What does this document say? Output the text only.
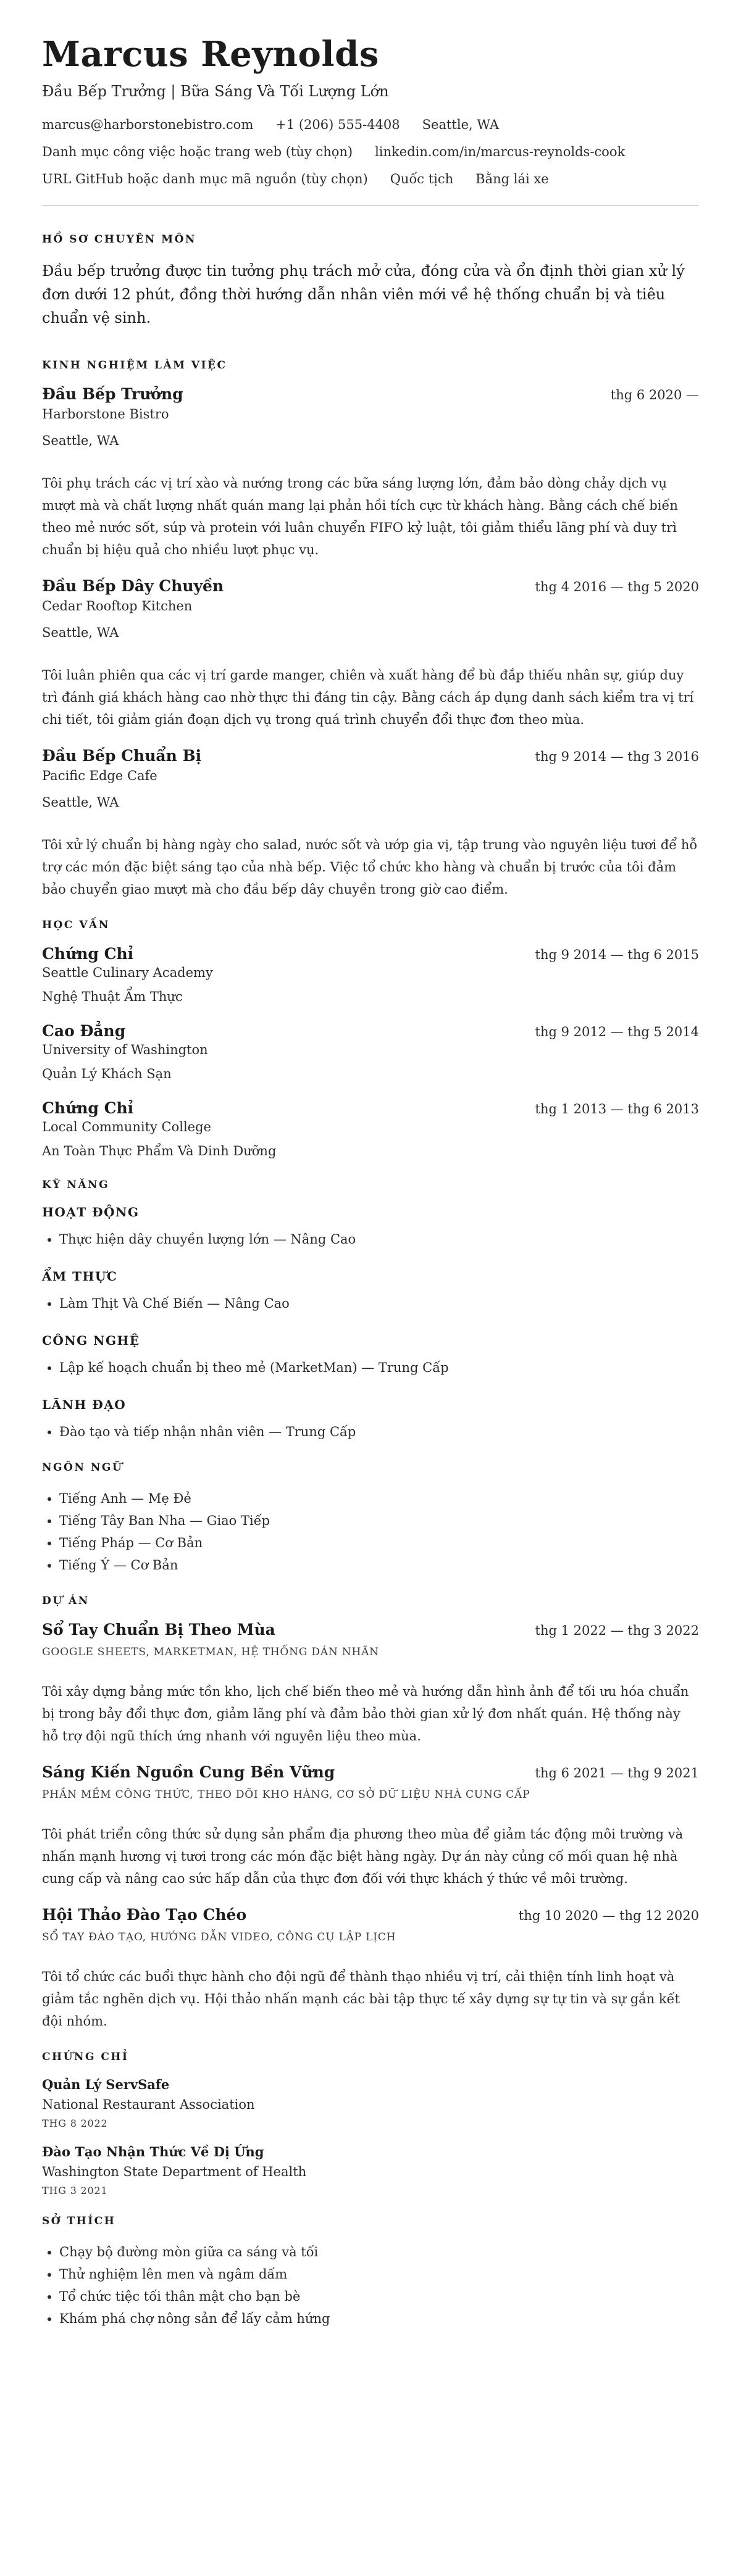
Marcus Reynolds
Đầu Bếp Trưởng | Bữa Sáng Và Tối Lượng Lớn
marcus@harborstonebistro.com +1 (206) 555-4408 Seattle, WA
Danh mục công việc hoặc trang web (tùy chọn) linkedin.com/in/marcus-reynolds-cook
URL GitHub hoặc danh mục mã nguồn (tùy chọn) Quốc tịch Bằng lái xe
HỒ SƠ CHUYÊN MÔN

Đầu bếp trưởng được tin tưởng phụ trách mở cửa, đóng cửa và ổn định thời gian xử lý đơn dưới 12 phút, đồng thời hướng dẫn nhân viên mới về hệ thống chuẩn bị và tiêu chuẩn vệ sinh.

KINH NGHIỆM LÀM VIỆC
Đầu Bếp Trưởng	thg 6 2020 —
Harborstone Bistro
Seattle, WA
Tôi phụ trách các vị trí xào và nướng trong các bữa sáng lượng lớn, đảm bảo dòng chảy dịch vụ mượt mà và chất lượng nhất quán mang lại phản hồi tích cực từ khách hàng. Bằng cách chế biến theo mẻ nước sốt, súp và protein với luân chuyển FIFO kỷ luật, tôi giảm thiểu lãng phí và duy trì chuẩn bị hiệu quả cho nhiều lượt phục vụ.
Đầu Bếp Dây Chuyền	thg 4 2016 — thg 5 2020
Cedar Rooftop Kitchen
Seattle, WA
Tôi luân phiên qua các vị trí garde manger, chiên và xuất hàng để bù đắp thiếu nhân sự, giúp duy trì đánh giá khách hàng cao nhờ thực thi đáng tin cậy. Bằng cách áp dụng danh sách kiểm tra vị trí chi tiết, tôi giảm gián đoạn dịch vụ trong quá trình chuyển đổi thực đơn theo mùa.
Đầu Bếp Chuẩn Bị	thg 9 2014 — thg 3 2016
Pacific Edge Cafe
Seattle, WA
Tôi xử lý chuẩn bị hàng ngày cho salad, nước sốt và ướp gia vị, tập trung vào nguyên liệu tươi để hỗ trợ các món đặc biệt sáng tạo của nhà bếp. Việc tổ chức kho hàng và chuẩn bị trước của tôi đảm bảo chuyển giao mượt mà cho đầu bếp dây chuyền trong giờ cao điểm.
HỌC VẤN
Chứng Chỉ	thg 9 2014 — thg 6 2015
Seattle Culinary Academy
Nghệ Thuật Ẩm Thực
Cao Đẳng	thg 9 2012 — thg 5 2014
University of Washington
Quản Lý Khách Sạn
Chứng Chỉ	thg 1 2013 — thg 6 2013
Local Community College
An Toàn Thực Phẩm Và Dinh Dưỡng
KỸ NĂNG
HOẠT ĐỘNG
• Thực hiện dây chuyền lượng lớn — Nâng Cao
ẨM THỰC
• Làm Thịt Và Chế Biến — Nâng Cao
CÔNG NGHỆ
• Lập kế hoạch chuẩn bị theo mẻ (MarketMan) — Trung Cấp
LÃNH ĐẠO
• Đào tạo và tiếp nhận nhân viên — Trung Cấp
NGÔN NGỮ
• Tiếng Anh — Mẹ Đẻ
• Tiếng Tây Ban Nha — Giao Tiếp
• Tiếng Pháp — Cơ Bản
• Tiếng Ý — Cơ Bản
DỰ ÁN
Sổ Tay Chuẩn Bị Theo Mùa	thg 1 2022 — thg 3 2022
GOOGLE SHEETS, MARKETMAN, HỆ THỐNG DÁN NHÃN
Tôi xây dựng bảng mức tồn kho, lịch chế biến theo mẻ và hướng dẫn hình ảnh để tối ưu hóa chuẩn bị trong bảy đổi thực đơn, giảm lãng phí và đảm bảo thời gian xử lý đơn nhất quán. Hệ thống này hỗ trợ đội ngũ thích ứng nhanh với nguyên liệu theo mùa.
Sáng Kiến Nguồn Cung Bền Vững	thg 6 2021 — thg 9 2021
PHẦN MỀM CÔNG THỨC, THEO DÕI KHO HÀNG, CƠ SỞ DỮ LIỆU NHÀ CUNG CẤP
Tôi phát triển công thức sử dụng sản phẩm địa phương theo mùa để giảm tác động môi trường và nhấn mạnh hương vị tươi trong các món đặc biệt hàng ngày. Dự án này củng cố mối quan hệ nhà cung cấp và nâng cao sức hấp dẫn của thực đơn đối với thực khách ý thức về môi trường.
Hội Thảo Đào Tạo Chéo	thg 10 2020 — thg 12 2020
SỔ TAY ĐÀO TẠO, HƯỚNG DẪN VIDEO, CÔNG CỤ LẬP LỊCH
Tôi tổ chức các buổi thực hành cho đội ngũ để thành thạo nhiều vị trí, cải thiện tính linh hoạt và giảm tắc nghẽn dịch vụ. Hội thảo nhấn mạnh các bài tập thực tế xây dựng sự tự tin và sự gắn kết đội nhóm.
CHỨNG CHỈ
Quản Lý ServSafe
National Restaurant Association
THG 8 2022
Đào Tạo Nhận Thức Về Dị Ứng
Washington State Department of Health
THG 3 2021
SỞ THÍCH
• Chạy bộ đường mòn giữa ca sáng và tối
• Thử nghiệm lên men và ngâm dấm
• Tổ chức tiệc tối thân mật cho bạn bè
• Khám phá chợ nông sản để lấy cảm hứng
